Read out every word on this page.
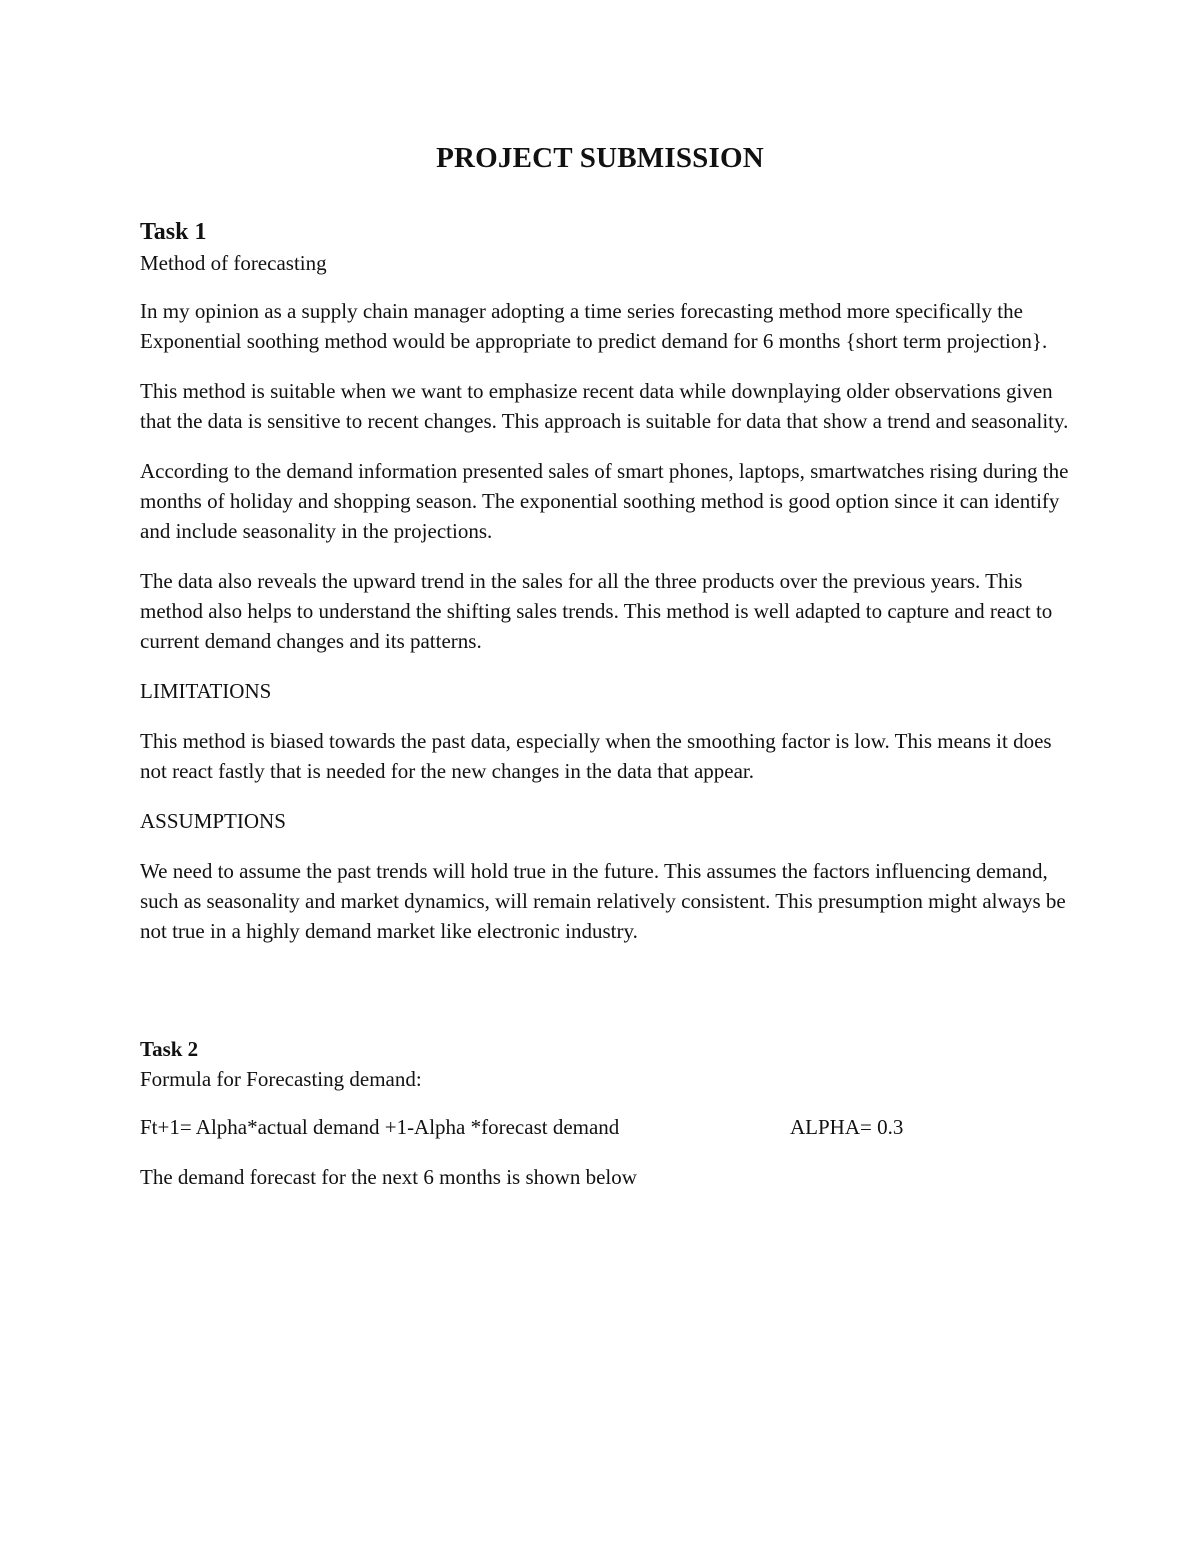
PROJECT SUBMISSION

Task 1

Method of forecasting

In my opinion as a supply chain manager adopting a time series forecasting method more specifically the Exponential soothing method would be appropriate to predict demand for 6 months {short term projection}.

This method is suitable when we want to emphasize recent data while downplaying older observations given that the data is sensitive to recent changes. This approach is suitable for data that show a trend and seasonality.

According to the demand information presented sales of smart phones, laptops, smartwatches rising during the months of holiday and shopping season. The exponential soothing method is good option since it can identify and include seasonality in the projections.

The data also reveals the upward trend in the sales for all the three products over the previous years. This method also helps to understand the shifting sales trends. This method is well adapted to capture and react to current demand changes and its patterns.

LIMITATIONS

This method is biased towards the past data, especially when the smoothing factor is low. This means it does not react fastly that is needed for the new changes in the data that appear.

ASSUMPTIONS

We need to assume the past trends will hold true in the future. This assumes the factors influencing demand, such as seasonality and market dynamics, will remain relatively consistent. This presumption might always be not true in a highly demand market like electronic industry.

Task 2

Formula for Forecasting demand:

Ft+1= Alpha*actual demand +1-Alpha *forecast demand	ALPHA= 0.3

The demand forecast for the next 6 months is shown below
